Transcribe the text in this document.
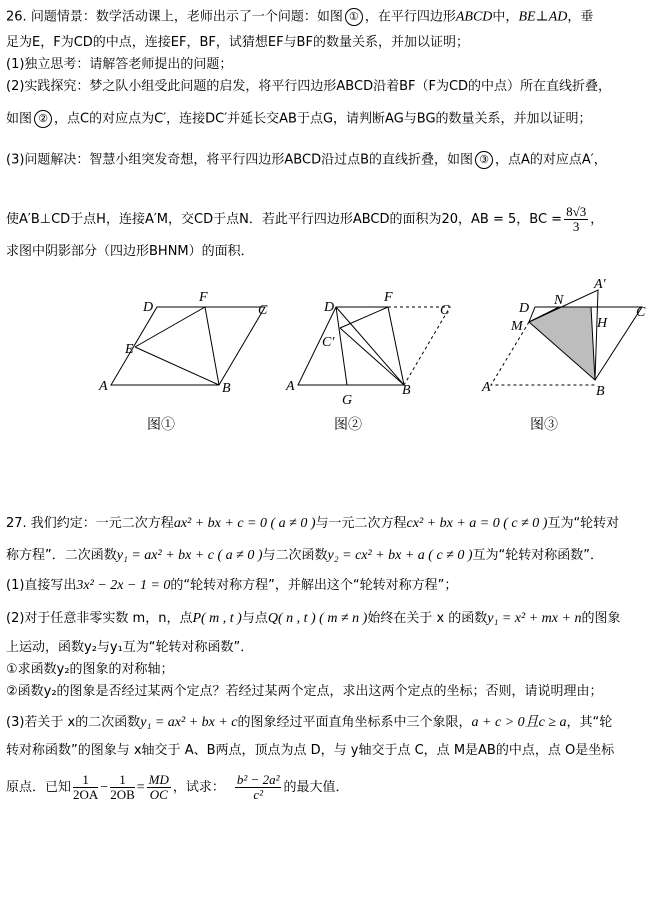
26. 问题情景：数学活动课上，老师出示了一个问题：如图 ① ，在平行四边形ABCD中，BE⊥AD，垂
足为E，F为CD的中点，连接EF，BF，试猜想EF与BF的数量关系，并加以证明；
(1)独立思考：请解答老师提出的问题；
(2)实践探究：梦之队小组受此问题的启发，将平行四边形ABCD沿着BF（F为CD的中点）所在直线折叠，
如图 ② ，点C的对应点为C′，连接DC′并延长交AB于点G，请判断AG与BG的数量关系，并加以证明；
(3)问题解决：智慧小组突发奇想，将平行四边形ABCD沿过点B的直线折叠，如图 ③ ，点A的对应点A′，
使A′B⊥CD于点H，连接A′M，交CD于点N．若此平行四边形ABCD的面积为20，AB = 5，BC = $\frac{8√3}{3}$ ，
求图中阴影部分（四边形BHNM）的面积．
D
F
C
E
A	B
图①
D
F
C
C′
A
G
B
图②
A′
D
N
M	H
C
A	B
图③
27. 我们约定：一元二次方程ax² + bx + c = 0 ( a ≠ 0 )与一元二次方程cx² + bx + a = 0 ( c ≠ 0 )互为“轮转对
称方程”．二次函数y₁ = ax² + bx + c ( a ≠ 0 )与二次函数y₂ = cx² + bx + a ( c ≠ 0 )互为“轮转对称函数”．
(1)直接写出3x² − 2x − 1 = 0的“轮转对称方程”，并解出这个“轮转对称方程”；
(2)对于任意非零实数 m，n，点P( m , t )与点Q( n , t ) ( m ≠ n )始终在关于 x 的函数y₁ = x² + mx + n的图象
上运动，函数y₂与y₁互为“轮转对称函数”．
①求函数y₂的图象的对称轴；
②函数y₂的图象是否经过某两个定点？若经过某两个定点，求出这两个定点的坐标；否则，请说明理由；
(3)若关于 x的二次函数y₁ = ax² + bx + c的图象经过平面直角坐标系中三个象限，a + c > 0且c ≥ a，其“轮
转对称函数”的图象与 x轴交于 A、B两点，顶点为点 D，与 y轴交于点 C，点 M是AB的中点，点 O是坐标
原点．已知 $\frac{1}{2OA} - \frac{1}{2OB} = \frac{MD}{OC}$ ，试求： $\frac{\text{b² − 2a²}}{\text{c²}}$ 的最大值．
